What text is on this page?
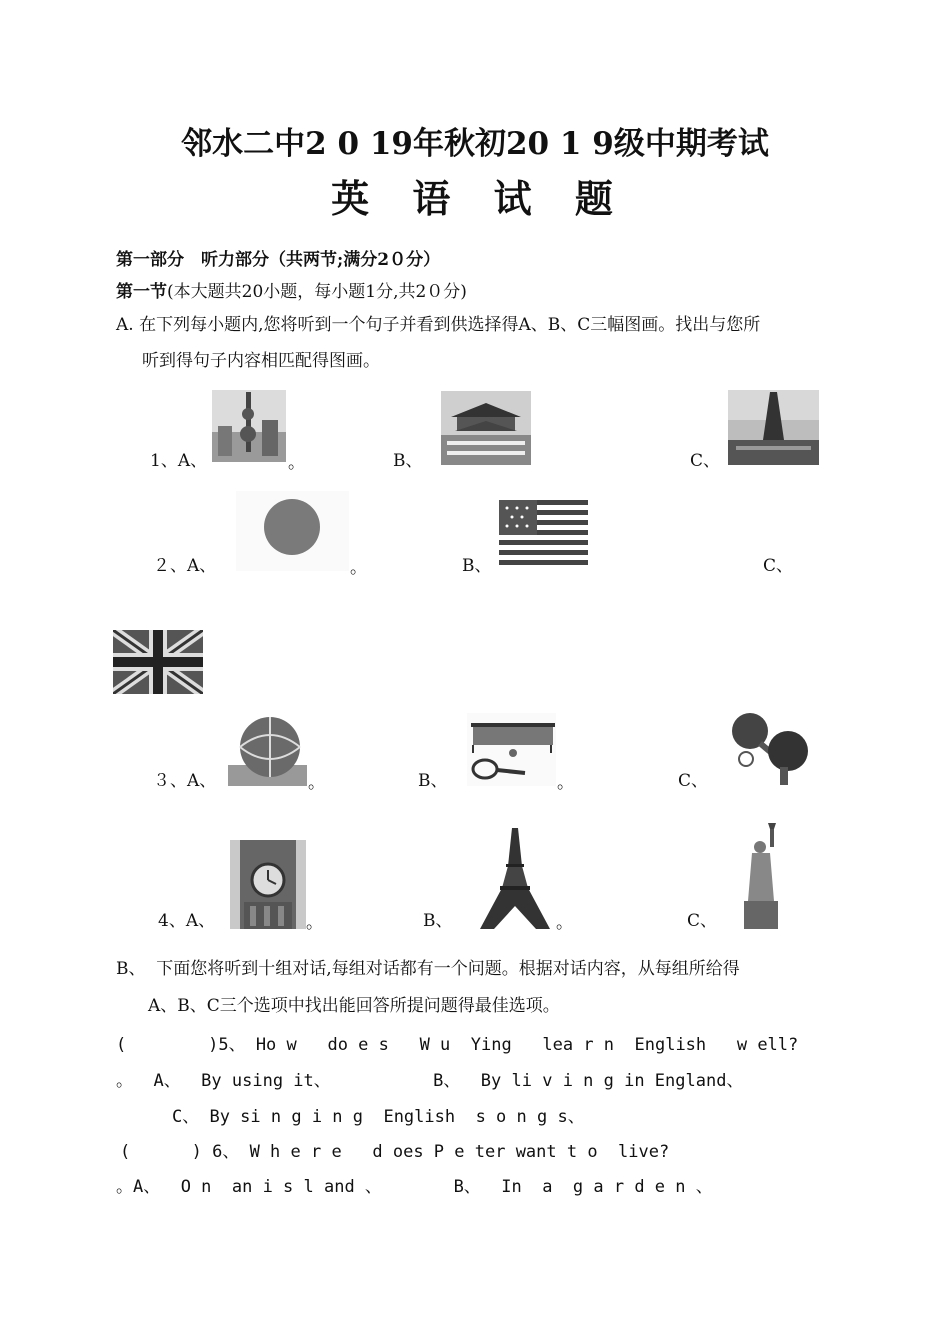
邻水二中2 0 19年秋初20 1 9级中期考试
英 语 试 题
第一部分　听力部分（共两节;满分2０分）
第一节(本大题共20小题，每小题1分,共2０分)
A. 在下列每小题内,您将听到一个句子并看到供选择得A、B、C三幅图画。找出与您所
听到得句子内容相匹配得图画。
1、A、	。	B、	C、
２、A、	。	B、	C、
３、A、	。	B、	。	C、
4、A、	。	B、	。	C、
B、  下面您将听到十组对话,每组对话都有一个问题。根据对话内容，从每组所给得
A、B、C三个选项中找出能回答所提问题得最佳选项。
(        )5、 Ho w   do e s   W u  Ying   lea r n  English   w ell?
。  A、  By using it、          B、  By li v i n g in England、
C、 By si n g i n g  English  s o n g s、
(      ) 6、 W h e r e   d oes P e ter want t o  live?
。A、  O n  an i s l and 、       B、  In  a  g a r d e n 、
